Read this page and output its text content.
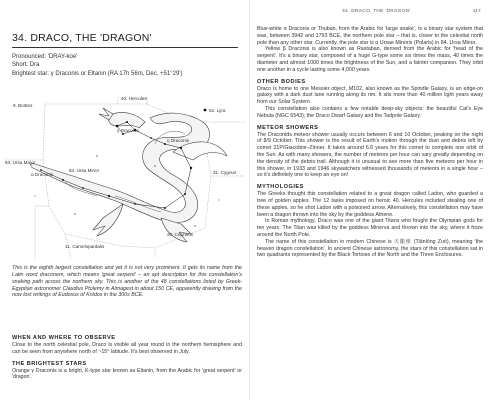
34. DRACO, THE 'DRAGON'
Pronounced: 'DRAY-koe'
Short: Dra
Brightest star: γ Draconis or Eltanin (RA 17h 56m, Dec. +51°29')
9. Boötes
40. Hercules
52. Lyra
31. Cygnus
83. Ursa Major
84. Ursa Minor
20. Cepheus
11. Camelopardalis
γ Draconis
α Draconis
η Draconis

This is the eighth largest constellation and yet it is not very prominent. It gets its name from the Latin word draconem, which means 'great serpent' – an apt description for this constellation's snaking path across the northern sky. This is another of the 48 constellations listed by Greek-Egyptian astronomer Claudius Ptolemy in Almagest in about 150 CE, apparently drawing from the now lost writings of Eudoxus of Knidos in the 300s BCE.

WHEN AND WHERE TO OBSERVE

Close to the north celestial pole, Draco is visible all year round in the northern hemisphere and can be seen from anywhere north of ~15° latitude. It's best observed in July.

THE BRIGHTEST STARS

Orange γ Draconis is a bright, K-type star known as Eltanin, from the Arabic for 'great serpent' or 'dragon'.

34. DRACO, THE 'DRAGON'	117

Blue-white α Draconis or Thuban, from the Arabic for 'large snake', is a binary star system that was, between 3942 and 1793 BCE, the northern pole star – that is, closer to the celestial north pole than any other star. Currently, the pole star is α Ursae Minoris (Polaris) in 84. Ursa Minor.

Yellow β Draconis is also known as Rastaban, derived from the Arabic for 'head of the serpent'. It's a binary star, composed of a huge G-type some six times the mass, 40 times the diameter and almost 1000 times the brightness of the Sun, and a fainter companion. They orbit one another in a cycle lasting some 4,000 years.

OTHER BODIES

Draco is home to one Messier object, M102, also known as the Spindle Galaxy, is an edge-on galaxy with a dark dust lane running along its rim. It sits more than 40 million light years away from our Solar System.

This constellation also contains a few notable deep-sky objects: the beautiful Cat's Eye Nebula (NGC 6543); the Draco Dwarf Galaxy and the Tadpole Galaxy.

METEOR SHOWERS

The Draconids meteor shower usually occurs between 6 and 10 October, peaking on the night of 8/9 October. This shower is the result of Earth's motion through the dust and debris left by comet 21P/Giacobini–Zinner. It takes around 6.6 years for this comet to complete one orbit of the Sun. As with many showers, the number of meteors per hour can vary greatly depending on the density of the debris trail. Although it is unusual to see more than five meteors per hour in this shower, in 1933 and 1946 skywatchers witnessed thousands of meteors in a single hour – so it's definitely one to keep an eye on!

MYTHOLOGIES

The Greeks thought this constellation related to a great dragon called Ladon, who guarded a tree of golden apples. The 12 tasks imposed on heroic 40. Hercules included stealing one of these apples, so he shot Ladon with a poisoned arrow. Alternatively, this constellation may have been a dragon thrown into the sky by the goddess Athene.

In Roman mythology, Draco was one of the giant Titans who fought the Olympian gods for ten years. The Titan was killed by the goddess Minerva and thrown into the sky, where it froze around the North Pole.

The name of this constellation in modern Chinese is 天龍座 (Tiānlóng Zuò), meaning 'the heaven dragon constellation'. In ancient Chinese astronomy, the stars of this constellation sat in two quadrants represented by the Black Tortoise of the North and the Three Enclosures.
